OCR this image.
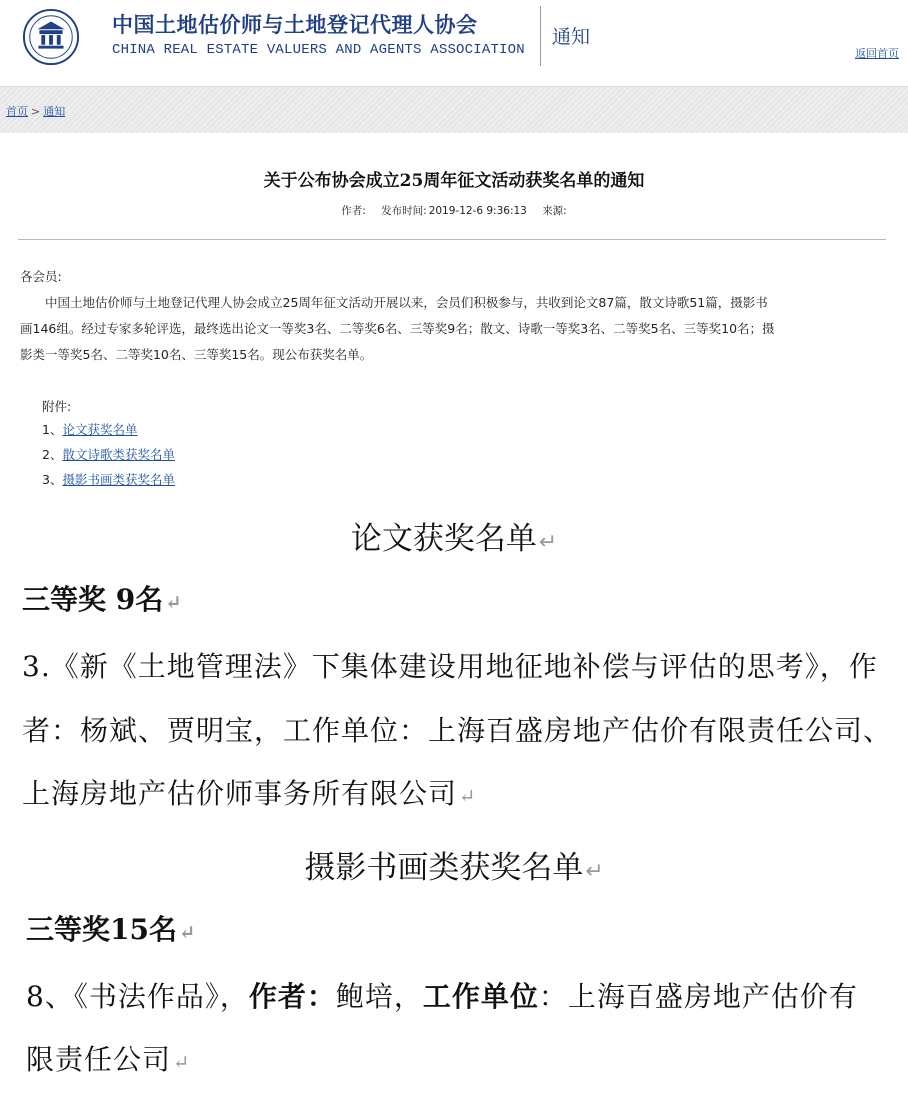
中国土地估价师与土地登记代理人协会
CHINA REAL ESTATE VALUERS AND AGENTS ASSOCIATION
通知
返回首页
首页 > 通知
关于公布协会成立25周年征文活动获奖名单的通知
作者: 发布时间: 2019-12-6 9:36:13 来源:

各会员:

中国土地估价师与土地登记代理人协会成立25周年征文活动开展以来，会员们积极参与，共收到论文87篇，散文诗歌51篇，摄影书

画146组。经过专家多轮评选，最终选出论文一等奖3名、二等奖6名、三等奖9名；散文、诗歌一等奖3名、二等奖5名、三等奖10名；摄

影类一等奖5名、二等奖10名、三等奖15名。现公布获奖名单。

附件:
1、论文获奖名单
2、散文诗歌类获奖名单
3、摄影书画类获奖名单
论文获奖名单↵
三等奖 9名 ↵
3.《新《土地管理法》下集体建设用地征地补偿与评估的思考》，作
者：杨斌、贾明宝，工作单位：上海百盛房地产估价有限责任公司、
上海房地产估价师事务所有限公司 ↵
摄影书画类获奖名单↵
三等奖15名 ↵
8、《书法作品》，作者：鲍培，工作单位：上海百盛房地产估价有
限责任公司 ↵
